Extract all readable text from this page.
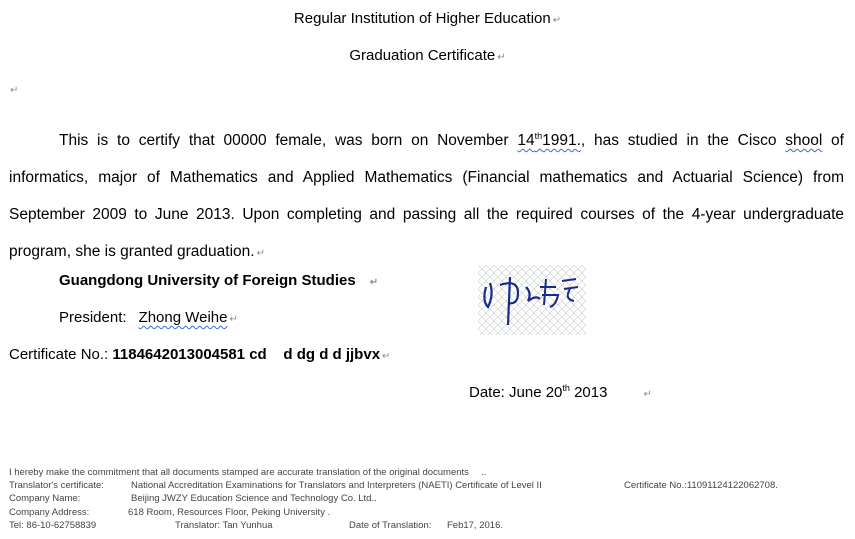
Regular Institution of Higher Education ↵
Graduation Certificate ↵
↵
This is to certify that 00000 female, was born on November 14th1991., has studied in the Cisco shool of informatics, major of Mathematics and Applied Mathematics (Financial mathematics and Actuarial Science) from September 2009 to June 2013. Upon completing and passing all the required courses of the 4-year undergraduate program, she is granted graduation. ↵
Guangdong University of Foreign Studies ↵
President: Zhong Weihe ↵
Certificate No.: 1184642013004581 cd    d dg d d jjbvx ↵
Date: June 20th 2013	↵
I hereby make the commitment that all documents stamped are accurate translation of the original documents ..
Translator's certificate:	National Accreditation Examinations for Translators and Interpreters (NAETI) Certificate of Level II	Certificate No.:11091124122062708.
Company Name:	Beijing JWZY Education Science and Technology Co. Ltd..
Company Address:	618 Room, Resources Floor, Peking University .
Tel: 86-10-62758839	Translator: Tan Yunhua	Date of Translation: Feb17, 2016.
